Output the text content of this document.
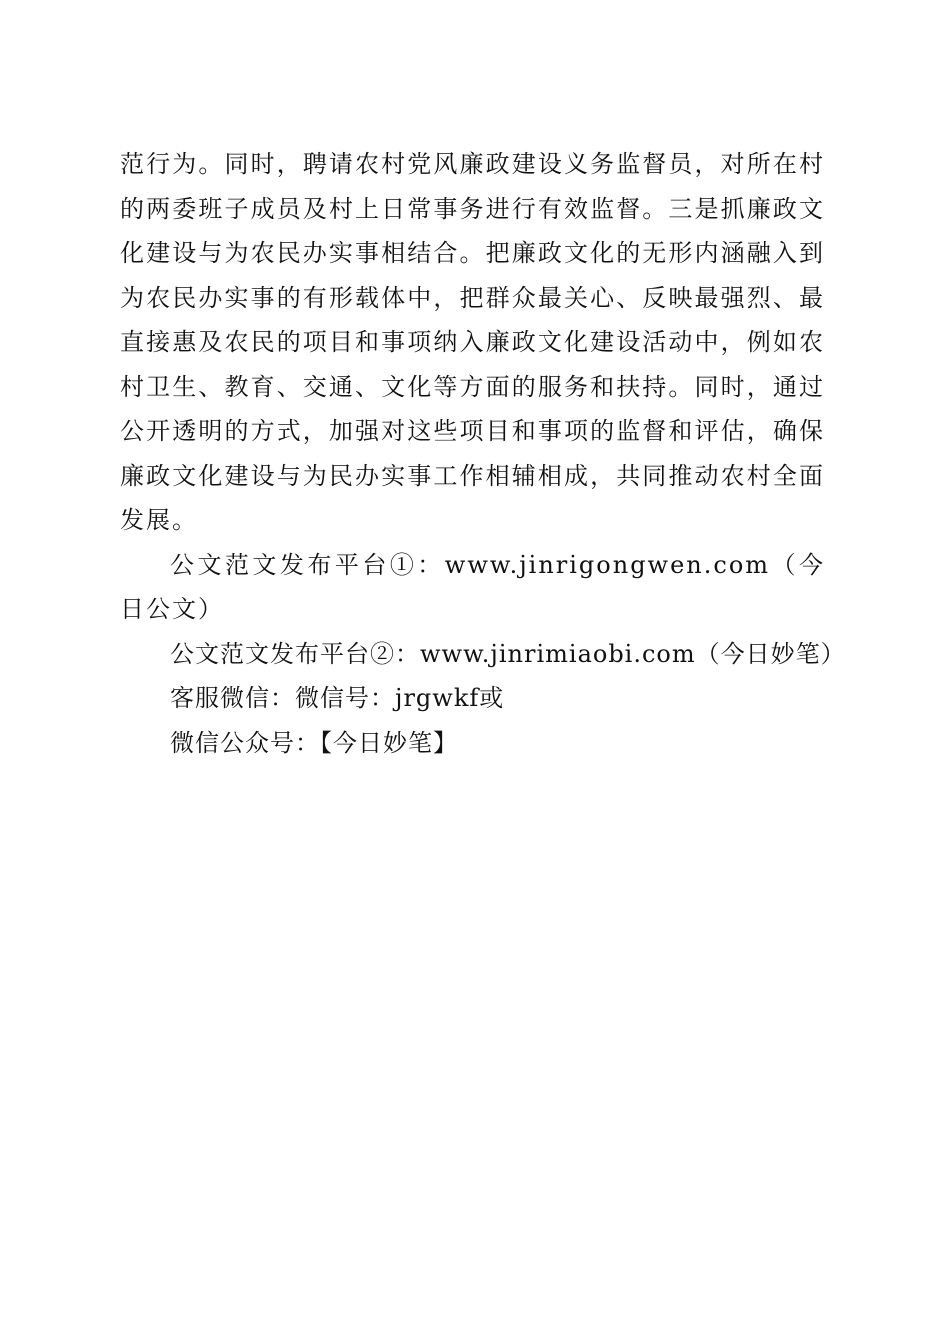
范行为。同时，聘请农村党风廉政建设义务监督员，对所在村的两委班子成员及村上日常事务进行有效监督。三是抓廉政文化建设与为农民办实事相结合。把廉政文化的无形内涵融入到为农民办实事的有形载体中，把群众最关心、反映最强烈、最直接惠及农民的项目和事项纳入廉政文化建设活动中，例如农村卫生、教育、交通、文化等方面的服务和扶持。同时，通过公开透明的方式，加强对这些项目和事项的监督和评估，确保廉政文化建设与为民办实事工作相辅相成，共同推动农村全面发展。

公文范文发布平台①：www.jinrigongwen.com（今日公文）

公文范文发布平台②：www.jinrimiaobi.com（今日妙笔）

客服微信：微信号：jrgwkf或

微信公众号：【今日妙笔】
